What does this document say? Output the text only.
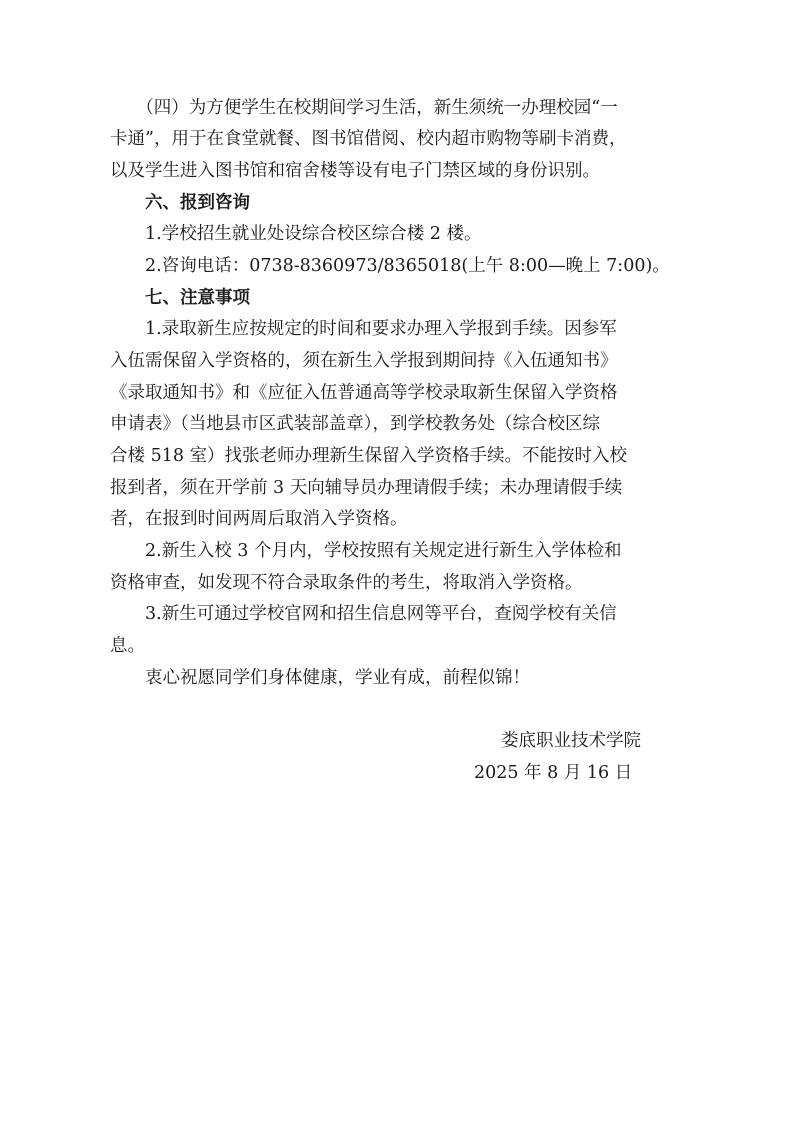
　　（四）为方便学生在校期间学习生活，新生须统一办理校园“一
卡通”，用于在食堂就餐、图书馆借阅、校内超市购物等刷卡消费，
以及学生进入图书馆和宿舍楼等设有电子门禁区域的身份识别。
　　六、报到咨询
　　1.学校招生就业处设综合校区综合楼 2 楼。
　　2.咨询电话：0738-8360973/8365018(上午 8:00—晚上 7:00)。
　　七、注意事项
　　1.录取新生应按规定的时间和要求办理入学报到手续。因参军
入伍需保留入学资格的，须在新生入学报到期间持《入伍通知书》
《录取通知书》和《应征入伍普通高等学校录取新生保留入学资格
申请表》（当地县市区武装部盖章），到学校教务处（综合校区综
合楼 518 室）找张老师办理新生保留入学资格手续。不能按时入校
报到者，须在开学前 3 天向辅导员办理请假手续；未办理请假手续
者，在报到时间两周后取消入学资格。
　　2.新生入校 3 个月内，学校按照有关规定进行新生入学体检和
资格审查，如发现不符合录取条件的考生，将取消入学资格。
　　3.新生可通过学校官网和招生信息网等平台，查阅学校有关信
息。
　　衷心祝愿同学们身体健康，学业有成，前程似锦！
娄底职业技术学院
2025 年 8 月 16 日
